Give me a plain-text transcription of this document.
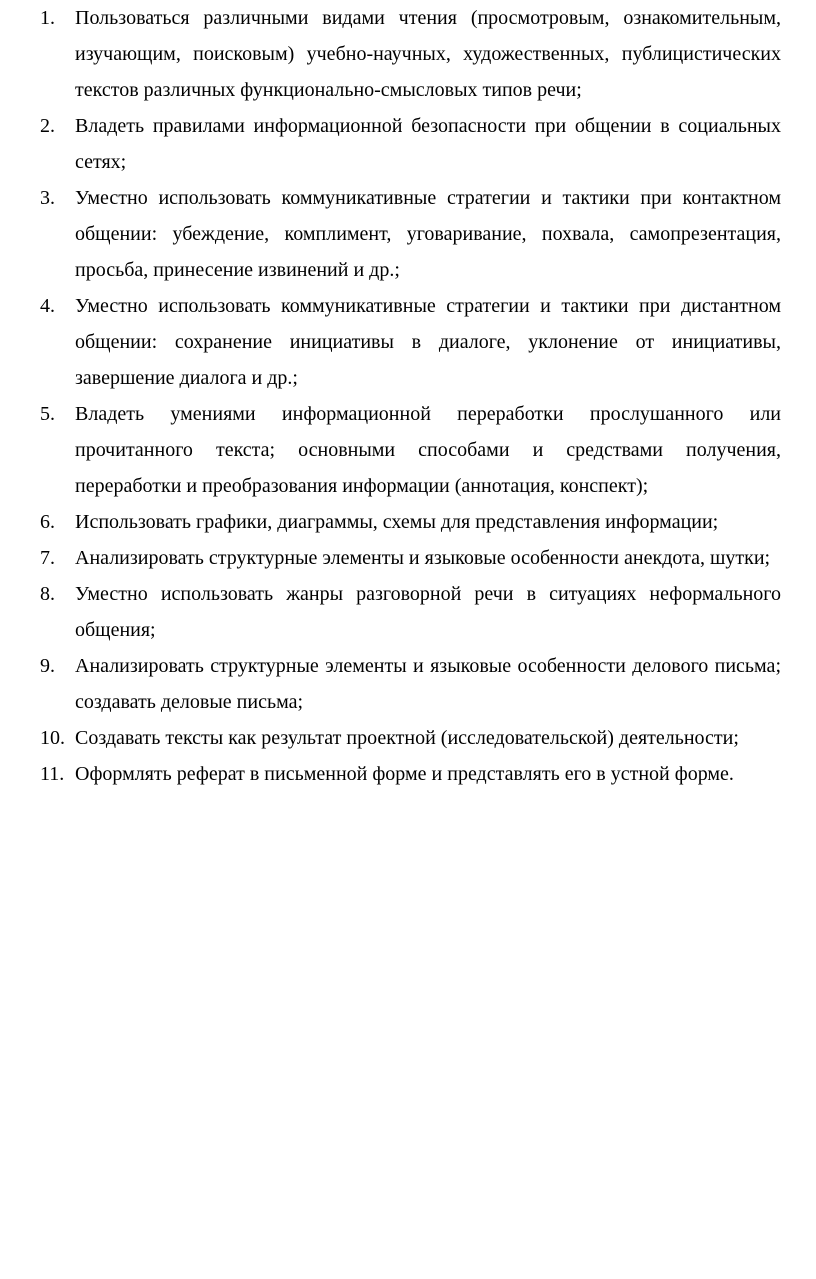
1.	Пользоваться различными видами чтения (просмотровым, ознакомительным, изучающим, поисковым) учебно-научных, художественных, публицистических текстов различных функционально-смысловых типов речи;
2.	Владеть правилами информационной безопасности при общении в социальных сетях;
3.	Уместно использовать коммуникативные стратегии и тактики при контактном общении: убеждение, комплимент, уговаривание, похвала, самопрезентация, просьба, принесение извинений и др.;
4.	Уместно использовать коммуникативные стратегии и тактики при дистантном общении: сохранение инициативы в диалоге, уклонение от инициативы, завершение диалога и др.;
5.	Владеть умениями информационной переработки прослушанного или прочитанного текста; основными способами и средствами получения, переработки и преобразования информации (аннотация, конспект);
6.	Использовать графики, диаграммы, схемы для представления информации;
7.	Анализировать структурные элементы и языковые особенности анекдота, шутки;
8.	Уместно использовать жанры разговорной речи в ситуациях неформального общения;
9.	Анализировать структурные элементы и языковые особенности делового письма; создавать деловые письма;
10. Создавать тексты как результат проектной (исследовательской) деятельности;
11. Оформлять реферат в письменной форме и представлять его в устной форме.
